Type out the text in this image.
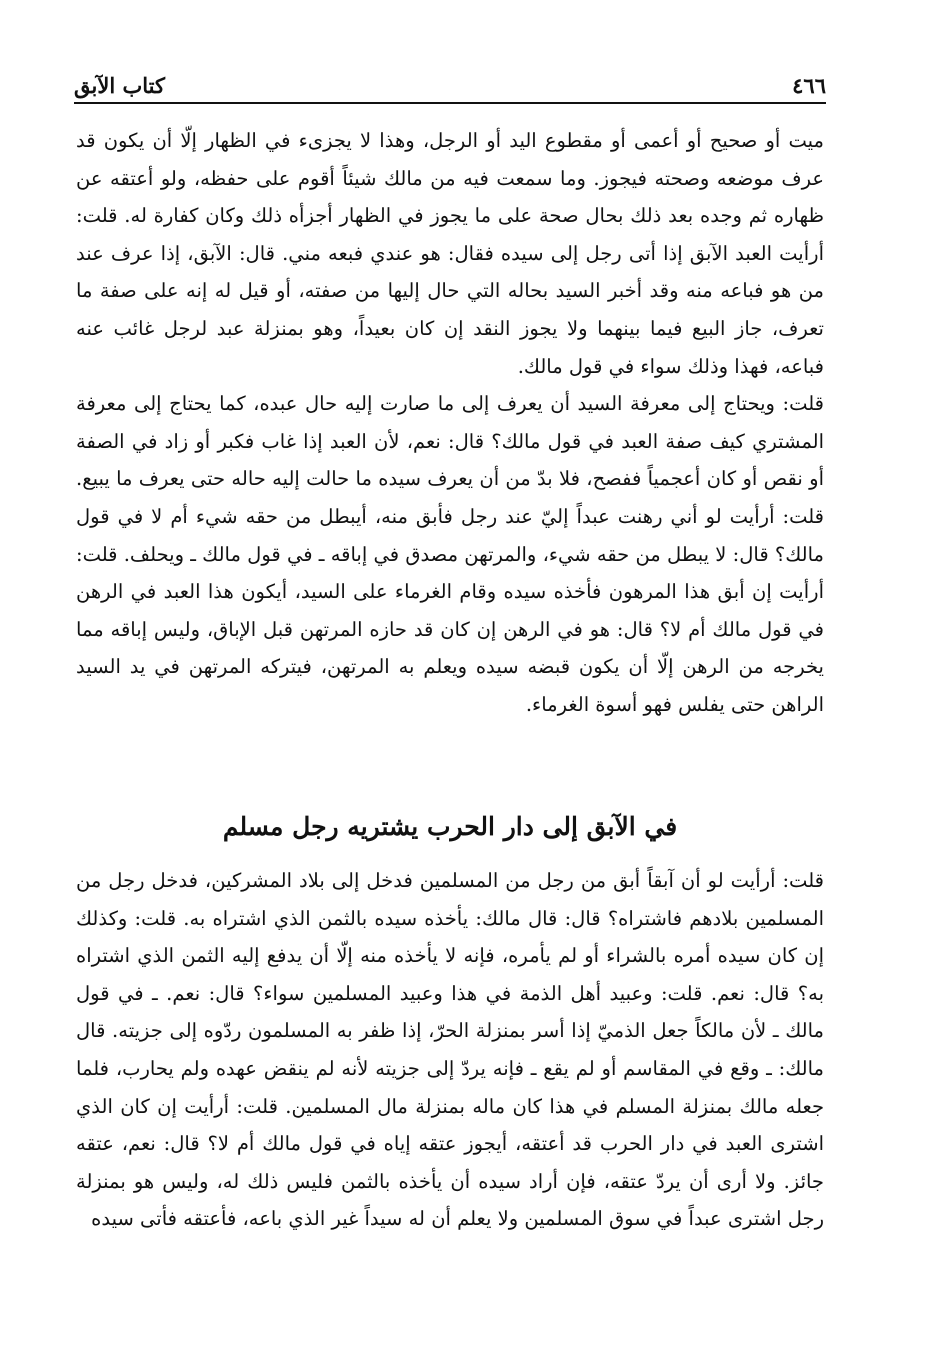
٤٦٦
كتاب الآبق

ميت أو صحيح أو أعمى أو مقطوع اليد أو الرجل، وهذا لا يجزىء في الظهار إلّا أن يكون قد عرف موضعه وصحته فيجوز. وما سمعت فيه من مالك شيئاً أقوم على حفظه، ولو أعتقه عن ظهاره ثم وجده بعد ذلك بحال صحة على ما يجوز في الظهار أجزأه ذلك وكان كفارة له. قلت: أرأيت العبد الآبق إذا أتى رجل إلى سيده فقال: هو عندي فبعه مني. قال: الآبق، إذا عرف عند من هو فباعه منه وقد أخبر السيد بحاله التي حال إليها من صفته، أو قيل له إنه على صفة ما تعرف، جاز البيع فيما بينهما ولا يجوز النقد إن كان بعيداً، وهو بمنزلة عبد لرجل غائب عنه فباعه، فهذا وذلك سواء في قول مالك.

قلت: ويحتاج إلى معرفة السيد أن يعرف إلى ما صارت إليه حال عبده، كما يحتاج إلى معرفة المشتري كيف صفة العبد في قول مالك؟ قال: نعم، لأن العبد إذا غاب فكبر أو زاد في الصفة أو نقص أو كان أعجمياً ففصح، فلا بدّ من أن يعرف سيده ما حالت إليه حاله حتى يعرف ما يبيع. قلت: أرأيت لو أني رهنت عبداً إليّ عند رجل فأبق منه، أيبطل من حقه شيء أم لا في قول مالك؟ قال: لا يبطل من حقه شيء، والمرتهن مصدق في إباقه ـ في قول مالك ـ ويحلف. قلت: أرأيت إن أبق هذا المرهون فأخذه سيده وقام الغرماء على السيد، أيكون هذا العبد في الرهن في قول مالك أم لا؟ قال: هو في الرهن إن كان قد حازه المرتهن قبل الإباق، وليس إباقه مما يخرجه من الرهن إلّا أن يكون قبضه سيده ويعلم به المرتهن، فيتركه المرتهن في يد السيد الراهن حتى يفلس فهو أسوة الغرماء.

في الآبق إلى دار الحرب يشتريه رجل مسلم

قلت: أرأيت لو أن آبقاً أبق من رجل من المسلمين فدخل إلى بلاد المشركين، فدخل رجل من المسلمين بلادهم فاشتراه؟ قال: قال مالك: يأخذه سيده بالثمن الذي اشتراه به. قلت: وكذلك إن كان سيده أمره بالشراء أو لم يأمره، فإنه لا يأخذه منه إلّا أن يدفع إليه الثمن الذي اشتراه به؟ قال: نعم. قلت: وعبيد أهل الذمة في هذا وعبيد المسلمين سواء؟ قال: نعم. ـ في قول مالك ـ لأن مالكاً جعل الذميّ إذا أسر بمنزلة الحرّ، إذا ظفر به المسلمون ردّوه إلى جزيته. قال مالك: ـ وقع في المقاسم أو لم يقع ـ فإنه يردّ إلى جزيته لأنه لم ينقض عهده ولم يحارب، فلما جعله مالك بمنزلة المسلم في هذا كان ماله بمنزلة مال المسلمين. قلت: أرأيت إن كان الذي اشترى العبد في دار الحرب قد أعتقه، أيجوز عتقه إياه في قول مالك أم لا؟ قال: نعم، عتقه جائز. ولا أرى أن يردّ عتقه، فإن أراد سيده أن يأخذه بالثمن فليس ذلك له، وليس هو بمنزلة رجل اشترى عبداً في سوق المسلمين ولا يعلم أن له سيداً غير الذي باعه، فأعتقه فأتى سيده
